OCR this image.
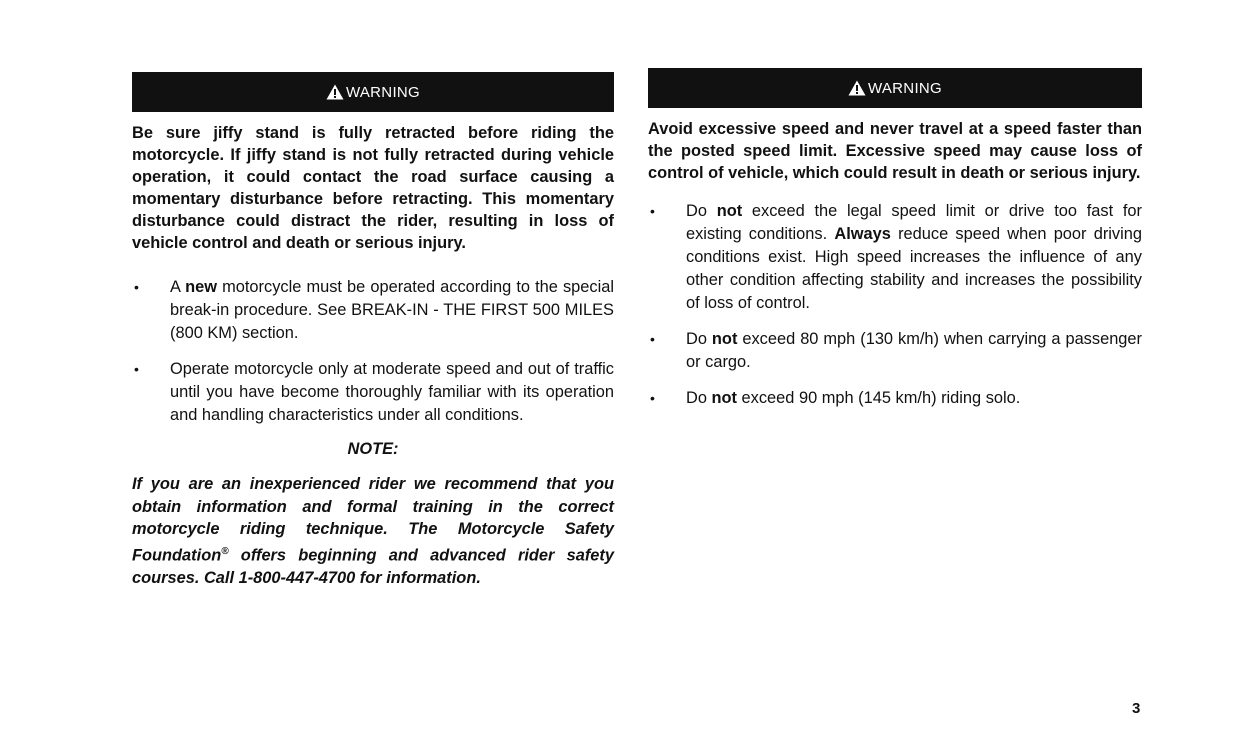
WARNING

Be sure jiffy stand is fully retracted before riding the motorcycle. If jiffy stand is not fully retracted during vehicle operation, it could contact the road surface causing a momentary disturbance before retracting. This momentary disturbance could distract the rider, resulting in loss of vehicle control and death or serious injury.

• A new motorcycle must be operated according to the special break-in procedure. See BREAK-IN - THE FIRST 500 MILES (800 KM) section.
• Operate motorcycle only at moderate speed and out of traffic until you have become thoroughly familiar with its operation and handling characteristics under all conditions.
NOTE:
If you are an inexperienced rider we recommend that you obtain information and formal training in the correct motorcycle riding technique. The Motorcycle Safety Foundation® offers beginning and advanced rider safety courses. Call 1-800-447-4700 for information.
WARNING

Avoid excessive speed and never travel at a speed faster than the posted speed limit. Excessive speed may cause loss of control of vehicle, which could result in death or serious injury.

• Do not exceed the legal speed limit or drive too fast for existing conditions. Always reduce speed when poor driving conditions exist. High speed increases the influence of any other condition affecting stability and increases the possibility of loss of control.
• Do not exceed 80 mph (130 km/h) when carrying a passenger or cargo.
• Do not exceed 90 mph (145 km/h) riding solo.
3
